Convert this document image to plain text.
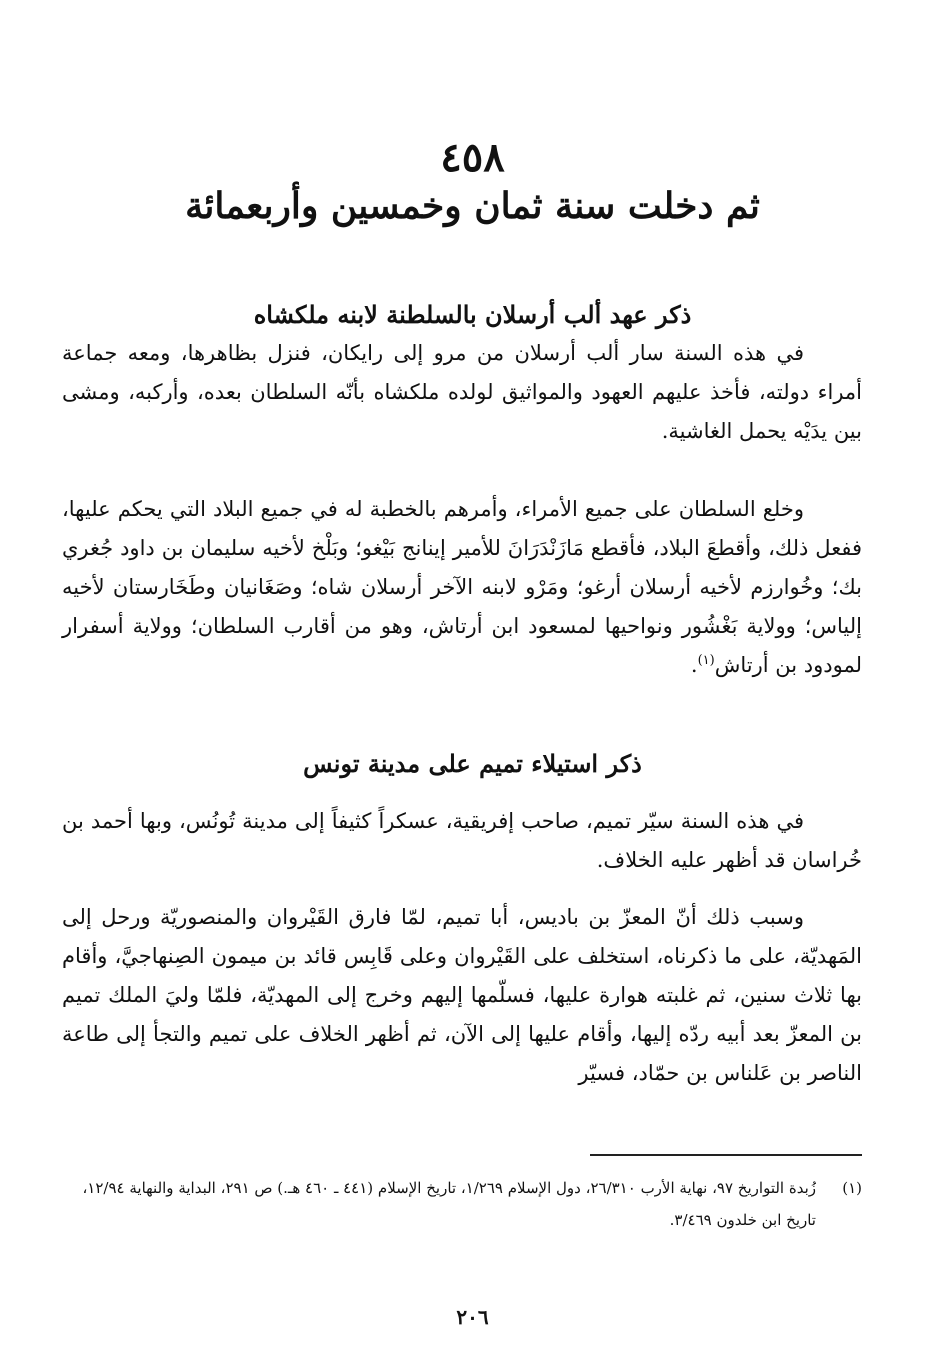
٤٥٨
ثم دخلت سنة ثمان وخمسين وأربعمائة
ذكر عهد ألب أرسلان بالسلطنة لابنه ملكشاه

في هذه السنة سار ألب أرسلان من مرو إلى رايكان، فنزل بظاهرها، ومعه جماعة أمراء دولته، فأخذ عليهم العهود والمواثيق لولده ملكشاه بأنّه السلطان بعده، وأركبه، ومشى بين يدَيْه يحمل الغاشية.

وخلع السلطان على جميع الأمراء، وأمرهم بالخطبة له في جميع البلاد التي يحكم عليها، ففعل ذلك، وأقطعَ البلاد، فأقطع مَازَنْدَرَانَ للأمير إينانج بَيْغو؛ وبَلْخ لأخيه سليمان بن داود جُغري بك؛ وخُوارزم لأخيه أرسلان أرغو؛ ومَرْو لابنه الآخر أرسلان شاه؛ وصَغَانيان وطَخَارستان لأخيه إلياس؛ وولاية بَغْشُور ونواحيها لمسعود ابن أرتاش، وهو من أقارب السلطان؛ وولاية أسفرار لمودود بن أرتاش$^{(١)}$.

ذكر استيلاء تميم على مدينة تونس

في هذه السنة سيّر تميم، صاحب إفريقية، عسكراً كثيفاً إلى مدينة تُونُس، وبها أحمد بن خُراسان قد أظهر عليه الخلاف.

وسبب ذلك أنّ المعزّ بن باديس، أبا تميم، لمّا فارق القَيْروان والمنصوريّة ورحل إلى المَهديّة، على ما ذكرناه، استخلف على القَيْروان وعلى قَابِس قائد بن ميمون الصِنهاجيَّ، وأقام بها ثلاث سنين، ثم غلبته هوارة عليها، فسلّمها إليهم وخرج إلى المهديّة، فلمّا وليَ الملك تميم بن المعزّ بعد أبيه ردّه إليها، وأقام عليها إلى الآن، ثم أظهر الخلاف على تميم والتجأ إلى طاعة الناصر بن عَلناس بن حمّاد، فسيّر

(١)
زُبدة التواريخ ٩٧، نهاية الأرب ٢٦/٣١٠، دول الإسلام ١/٢٦٩، تاريخ الإسلام (٤٤١ ـ ٤٦٠ هـ.) ص ٢٩١، البداية والنهاية ١٢/٩٤، تاريخ ابن خلدون ٣/٤٦٩.
٢٠٦
